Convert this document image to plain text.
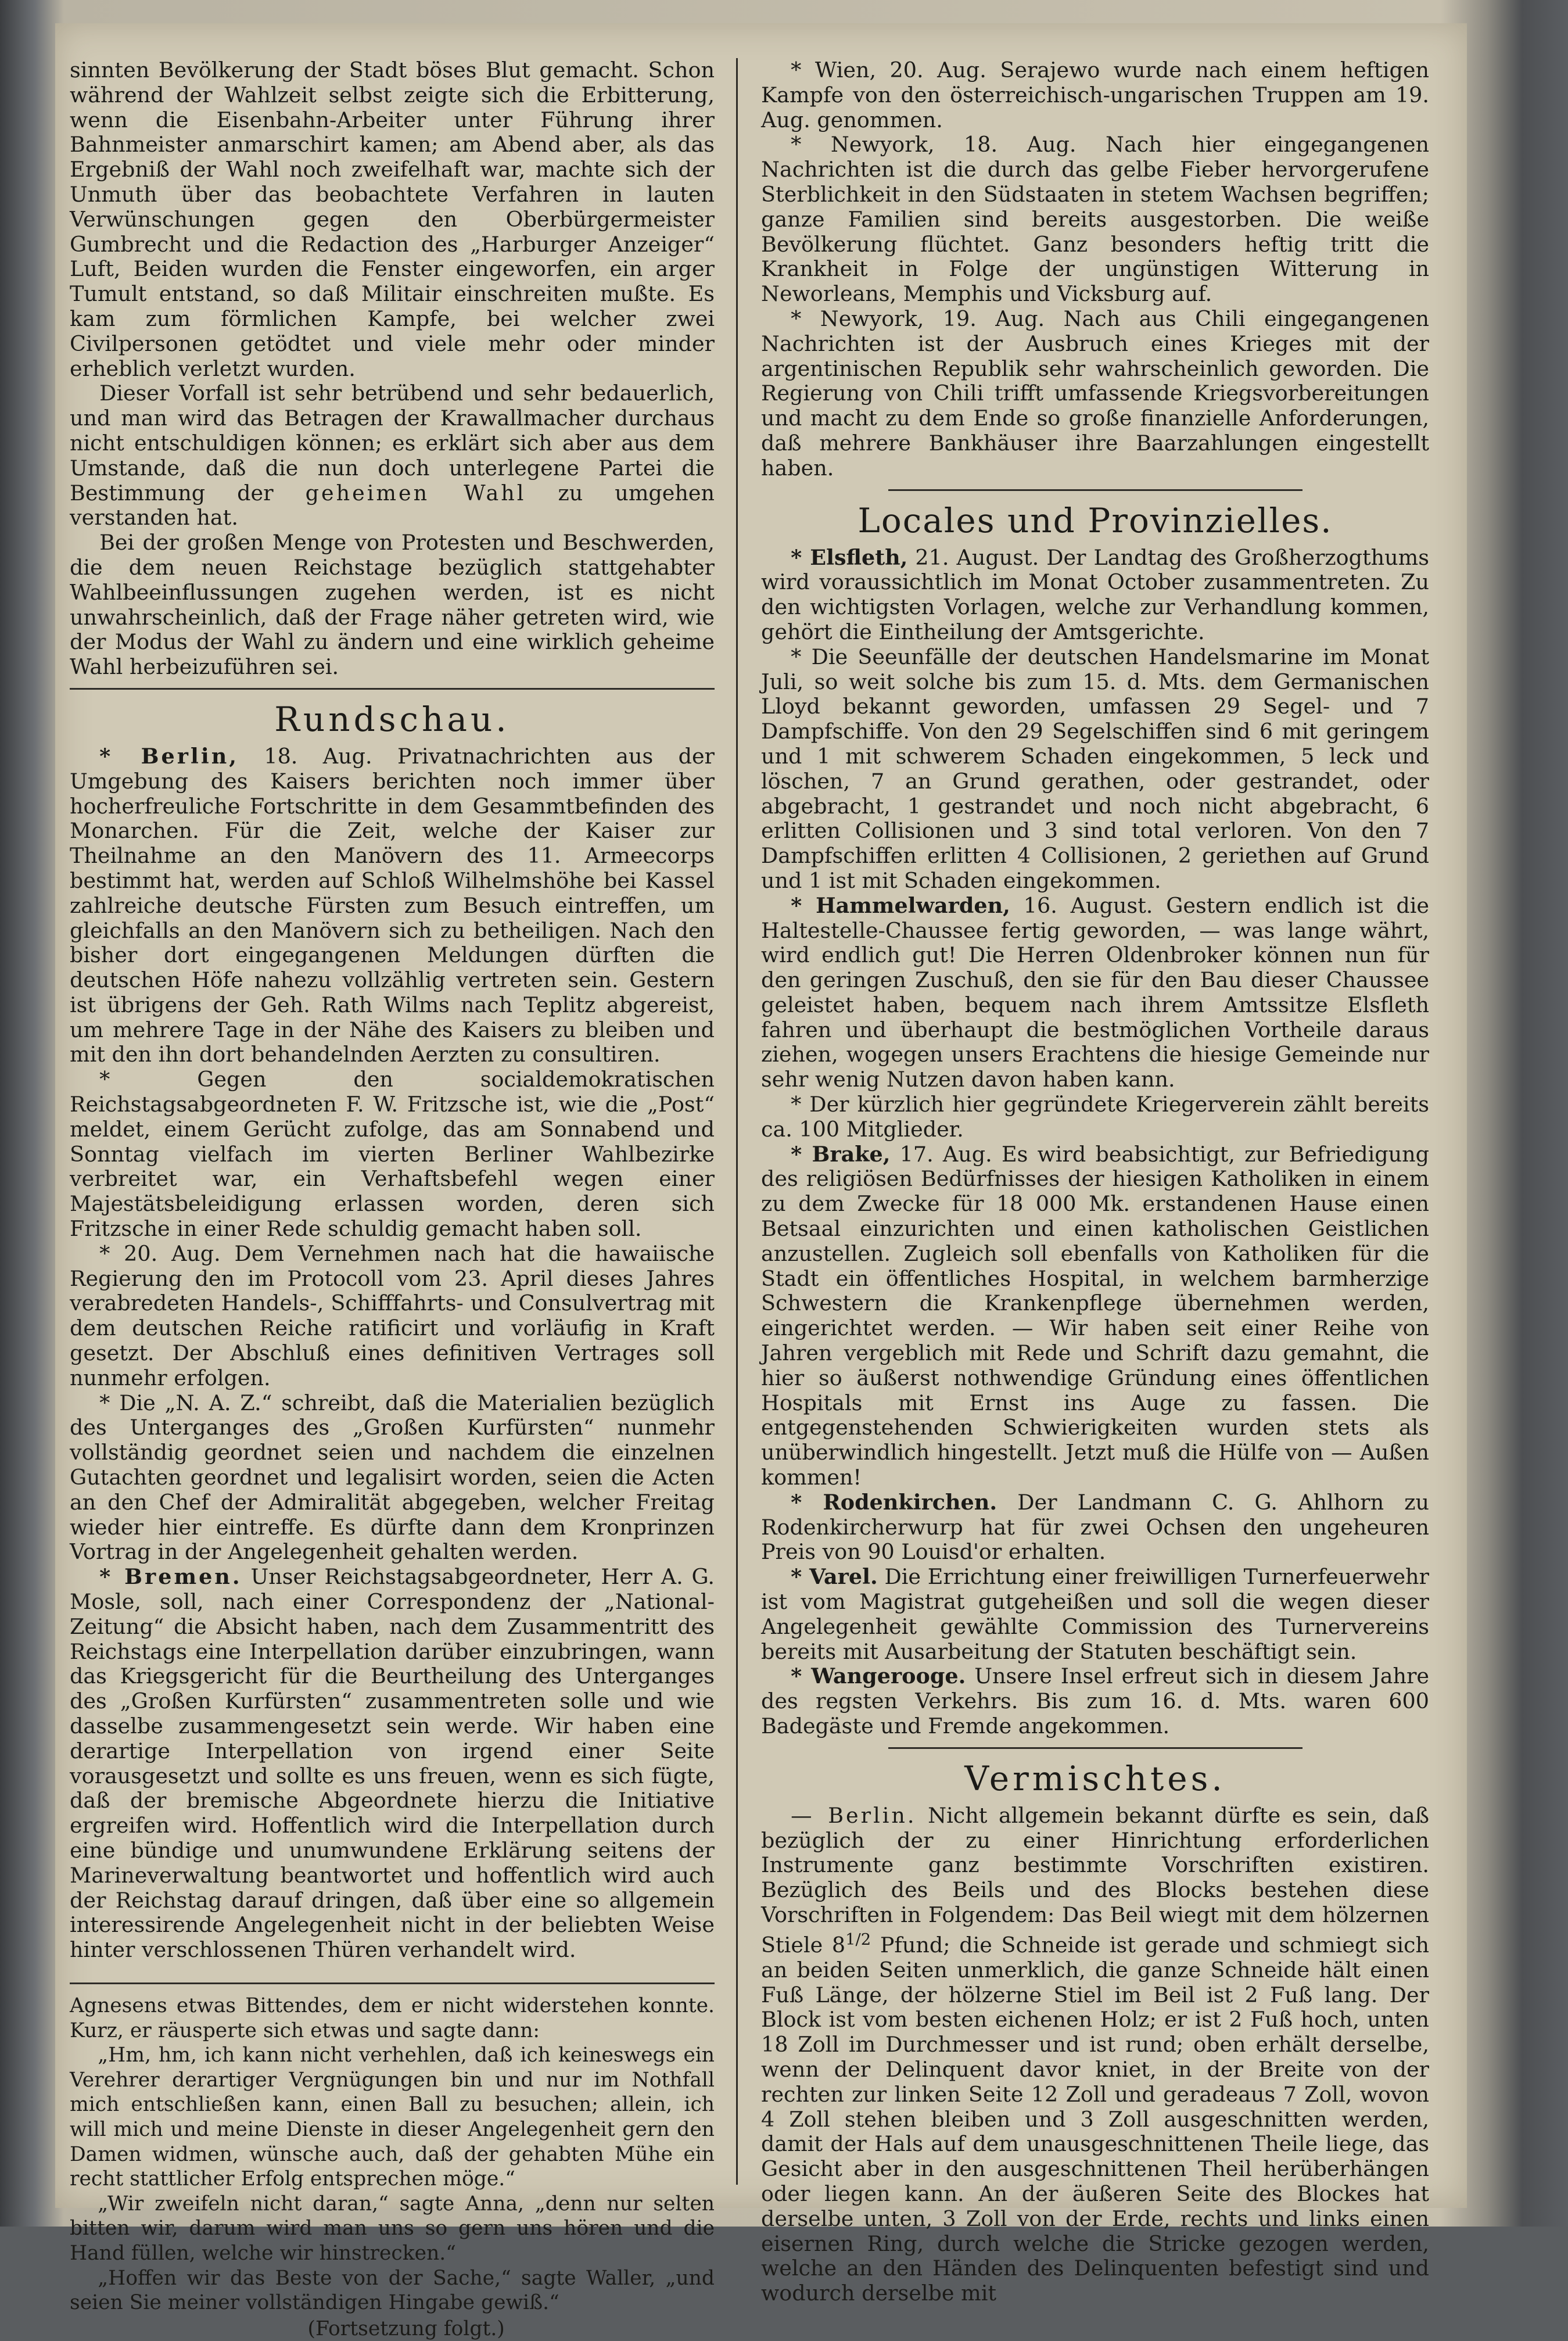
sinnten Bevölkerung der Stadt böses Blut gemacht. Schon während der Wahlzeit selbst zeigte sich die Erbitterung, wenn die Eisenbahn-Arbeiter unter Führung ihrer Bahnmeister anmarschirt kamen; am Abend aber, als das Ergebniß der Wahl noch zweifelhaft war, machte sich der Unmuth über das beobachtete Verfahren in lauten Verwünschungen gegen den Oberbürgermeister Gumbrecht und die Redaction des „Harburger Anzeiger“ Luft, Beiden wurden die Fenster eingeworfen, ein arger Tumult entstand, so daß Militair einschreiten mußte. Es kam zum förmlichen Kampfe, bei welcher zwei Civilpersonen getödtet und viele mehr oder minder erheblich verletzt wurden.

Dieser Vorfall ist sehr betrübend und sehr bedauerlich, und man wird das Betragen der Krawallmacher durchaus nicht entschuldigen können; es erklärt sich aber aus dem Umstande, daß die nun doch unterlegene Partei die Bestimmung der geheimen Wahl zu umgehen verstanden hat.

Bei der großen Menge von Protesten und Beschwerden, die dem neuen Reichstage bezüglich stattgehabter Wahlbeeinflussungen zugehen werden, ist es nicht unwahrscheinlich, daß der Frage näher getreten wird, wie der Modus der Wahl zu ändern und eine wirklich geheime Wahl herbeizuführen sei.

Rundschau.

* Berlin, 18. Aug. Privatnachrichten aus der Umgebung des Kaisers berichten noch immer über hocherfreuliche Fortschritte in dem Gesammtbefinden des Monarchen. Für die Zeit, welche der Kaiser zur Theilnahme an den Manövern des 11. Armeecorps bestimmt hat, werden auf Schloß Wilhelmshöhe bei Kassel zahlreiche deutsche Fürsten zum Besuch eintreffen, um gleichfalls an den Manövern sich zu betheiligen. Nach den bisher dort eingegangenen Meldungen dürften die deutschen Höfe nahezu vollzählig vertreten sein. Gestern ist übrigens der Geh. Rath Wilms nach Teplitz abgereist, um mehrere Tage in der Nähe des Kaisers zu bleiben und mit den ihn dort behandelnden Aerzten zu consultiren.

* Gegen den socialdemokratischen Reichstagsabgeordneten F. W. Fritzsche ist, wie die „Post“ meldet, einem Gerücht zufolge, das am Sonnabend und Sonntag vielfach im vierten Berliner Wahlbezirke verbreitet war, ein Verhaftsbefehl wegen einer Majestätsbeleidigung erlassen worden, deren sich Fritzsche in einer Rede schuldig gemacht haben soll.

* 20. Aug. Dem Vernehmen nach hat die hawaiische Regierung den im Protocoll vom 23. April dieses Jahres verabredeten Handels-, Schifffahrts- und Consulvertrag mit dem deutschen Reiche ratificirt und vorläufig in Kraft gesetzt. Der Abschluß eines definitiven Vertrages soll nunmehr erfolgen.

* Die „N. A. Z.“ schreibt, daß die Materialien bezüglich des Unterganges des „Großen Kurfürsten“ nunmehr vollständig geordnet seien und nachdem die einzelnen Gutachten geordnet und legalisirt worden, seien die Acten an den Chef der Admiralität abgegeben, welcher Freitag wieder hier eintreffe. Es dürfte dann dem Kronprinzen Vortrag in der Angelegenheit gehalten werden.

* Bremen. Unser Reichstagsabgeordneter, Herr A. G. Mosle, soll, nach einer Correspondenz der „National-Zeitung“ die Absicht haben, nach dem Zusammentritt des Reichstags eine Interpellation darüber einzubringen, wann das Kriegsgericht für die Beurtheilung des Unterganges des „Großen Kurfürsten“ zusammentreten solle und wie dasselbe zusammengesetzt sein werde. Wir haben eine derartige Interpellation von irgend einer Seite vorausgesetzt und sollte es uns freuen, wenn es sich fügte, daß der bremische Abgeordnete hierzu die Initiative ergreifen wird. Hoffentlich wird die Interpellation durch eine bündige und unumwundene Erklärung seitens der Marineverwaltung beantwortet und hoffentlich wird auch der Reichstag darauf dringen, daß über eine so allgemein interessirende Angelegenheit nicht in der beliebten Weise hinter verschlossenen Thüren verhandelt wird.

Agnesens etwas Bittendes, dem er nicht widerstehen konnte. Kurz, er räusperte sich etwas und sagte dann:

„Hm, hm, ich kann nicht verhehlen, daß ich keineswegs ein Verehrer derartiger Vergnügungen bin und nur im Nothfall mich entschließen kann, einen Ball zu besuchen; allein, ich will mich und meine Dienste in dieser Angelegenheit gern den Damen widmen, wünsche auch, daß der gehabten Mühe ein recht stattlicher Erfolg entsprechen möge.“

„Wir zweifeln nicht daran,“ sagte Anna, „denn nur selten bitten wir, darum wird man uns so gern uns hören und die Hand füllen, welche wir hinstrecken.“

„Hoffen wir das Beste von der Sache,“ sagte Waller, „und seien Sie meiner vollständigen Hingabe gewiß.“

(Fortsetzung folgt.)

* Wien, 20. Aug. Serajewo wurde nach einem heftigen Kampfe von den österreichisch-ungarischen Truppen am 19. Aug. genommen.

* Newyork, 18. Aug. Nach hier eingegangenen Nachrichten ist die durch das gelbe Fieber hervorgerufene Sterblichkeit in den Südstaaten in stetem Wachsen begriffen; ganze Familien sind bereits ausgestorben. Die weiße Bevölkerung flüchtet. Ganz besonders heftig tritt die Krankheit in Folge der ungünstigen Witterung in Neworleans, Memphis und Vicksburg auf.

* Newyork, 19. Aug. Nach aus Chili eingegangenen Nachrichten ist der Ausbruch eines Krieges mit der argentinischen Republik sehr wahrscheinlich geworden. Die Regierung von Chili trifft umfassende Kriegsvorbereitungen und macht zu dem Ende so große finanzielle Anforderungen, daß mehrere Bankhäuser ihre Baarzahlungen eingestellt haben.

Locales und Provinzielles.

* Elsfleth, 21. August. Der Landtag des Großherzogthums wird voraussichtlich im Monat October zusammentreten. Zu den wichtigsten Vorlagen, welche zur Verhandlung kommen, gehört die Eintheilung der Amtsgerichte.

* Die Seeunfälle der deutschen Handelsmarine im Monat Juli, so weit solche bis zum 15. d. Mts. dem Germanischen Lloyd bekannt geworden, umfassen 29 Segel- und 7 Dampfschiffe. Von den 29 Segelschiffen sind 6 mit geringem und 1 mit schwerem Schaden eingekommen, 5 leck und löschen, 7 an Grund gerathen, oder gestrandet, oder abgebracht, 1 gestrandet und noch nicht abgebracht, 6 erlitten Collisionen und 3 sind total verloren. Von den 7 Dampfschiffen erlitten 4 Collisionen, 2 geriethen auf Grund und 1 ist mit Schaden eingekommen.

* Hammelwarden, 16. August. Gestern endlich ist die Haltestelle-Chaussee fertig geworden, — was lange währt, wird endlich gut! Die Herren Oldenbroker können nun für den geringen Zuschuß, den sie für den Bau dieser Chaussee geleistet haben, bequem nach ihrem Amtssitze Elsfleth fahren und überhaupt die bestmöglichen Vortheile daraus ziehen, wogegen unsers Erachtens die hiesige Gemeinde nur sehr wenig Nutzen davon haben kann.

* Der kürzlich hier gegründete Kriegerverein zählt bereits ca. 100 Mitglieder.

* Brake, 17. Aug. Es wird beabsichtigt, zur Befriedigung des religiösen Bedürfnisses der hiesigen Katholiken in einem zu dem Zwecke für 18 000 Mk. erstandenen Hause einen Betsaal einzurichten und einen katholischen Geistlichen anzustellen. Zugleich soll ebenfalls von Katholiken für die Stadt ein öffentliches Hospital, in welchem barmherzige Schwestern die Krankenpflege übernehmen werden, eingerichtet werden. — Wir haben seit einer Reihe von Jahren vergeblich mit Rede und Schrift dazu gemahnt, die hier so äußerst nothwendige Gründung eines öffentlichen Hospitals mit Ernst ins Auge zu fassen. Die entgegenstehenden Schwierigkeiten wurden stets als unüberwindlich hingestellt. Jetzt muß die Hülfe von — Außen kommen!

* Rodenkirchen. Der Landmann C. G. Ahlhorn zu Rodenkircherwurp hat für zwei Ochsen den ungeheuren Preis von 90 Louisd'or erhalten.

* Varel. Die Errichtung einer freiwilligen Turnerfeuerwehr ist vom Magistrat gutgeheißen und soll die wegen dieser Angelegenheit gewählte Commission des Turnervereins bereits mit Ausarbeitung der Statuten beschäftigt sein.

* Wangerooge. Unsere Insel erfreut sich in diesem Jahre des regsten Verkehrs. Bis zum 16. d. Mts. waren 600 Badegäste und Fremde angekommen.

Vermischtes.

— Berlin. Nicht allgemein bekannt dürfte es sein, daß bezüglich der zu einer Hinrichtung erforderlichen Instrumente ganz bestimmte Vorschriften existiren. Bezüglich des Beils und des Blocks bestehen diese Vorschriften in Folgendem: Das Beil wiegt mit dem hölzernen Stiele $8^{1/2}$ Pfund; die Schneide ist gerade und schmiegt sich an beiden Seiten unmerklich, die ganze Schneide hält einen Fuß Länge, der hölzerne Stiel im Beil ist 2 Fuß lang. Der Block ist vom besten eichenen Holz; er ist 2 Fuß hoch, unten 18 Zoll im Durchmesser und ist rund; oben erhält derselbe, wenn der Delinquent davor kniet, in der Breite von der rechten zur linken Seite 12 Zoll und geradeaus 7 Zoll, wovon 4 Zoll stehen bleiben und 3 Zoll ausgeschnitten werden, damit der Hals auf dem unausgeschnittenen Theile liege, das Gesicht aber in den ausgeschnittenen Theil herüberhängen oder liegen kann. An der äußeren Seite des Blockes hat derselbe unten, 3 Zoll von der Erde, rechts und links einen eisernen Ring, durch welche die Stricke gezogen werden, welche an den Händen des Delinquenten befestigt sind und wodurch derselbe mit
